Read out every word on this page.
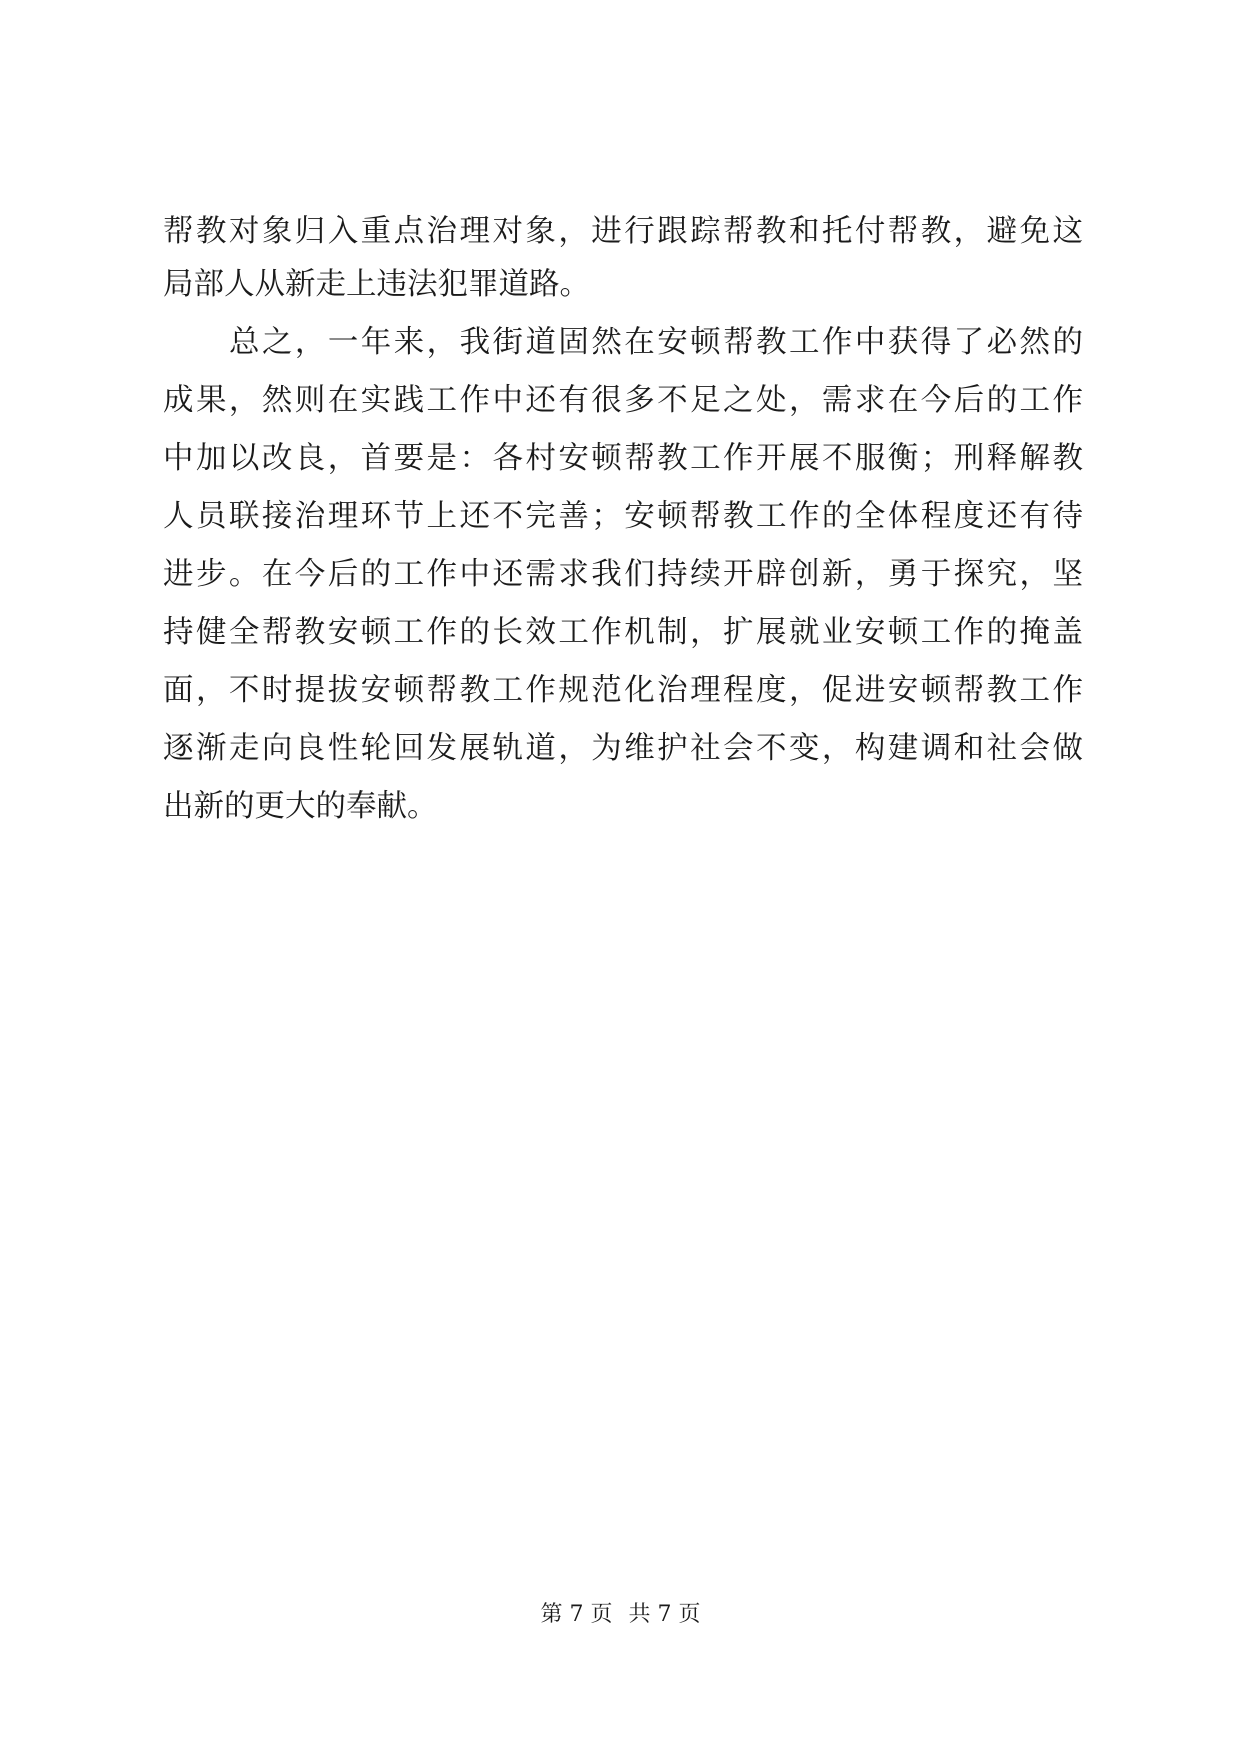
帮教对象归入重点治理对象，进行跟踪帮教和托付帮教，避免这
局部人从新走上违法犯罪道路。
总之，一年来，我街道固然在安顿帮教工作中获得了必然的
成果，然则在实践工作中还有很多不足之处，需求在今后的工作
中加以改良，首要是：各村安顿帮教工作开展不服衡；刑释解教
人员联接治理环节上还不完善；安顿帮教工作的全体程度还有待
进步。在今后的工作中还需求我们持续开辟创新，勇于探究，坚
持健全帮教安顿工作的长效工作机制，扩展就业安顿工作的掩盖
面，不时提拔安顿帮教工作规范化治理程度，促进安顿帮教工作
逐渐走向良性轮回发展轨道，为维护社会不变，构建调和社会做
出新的更大的奉献。
第 7 页 共 7 页
